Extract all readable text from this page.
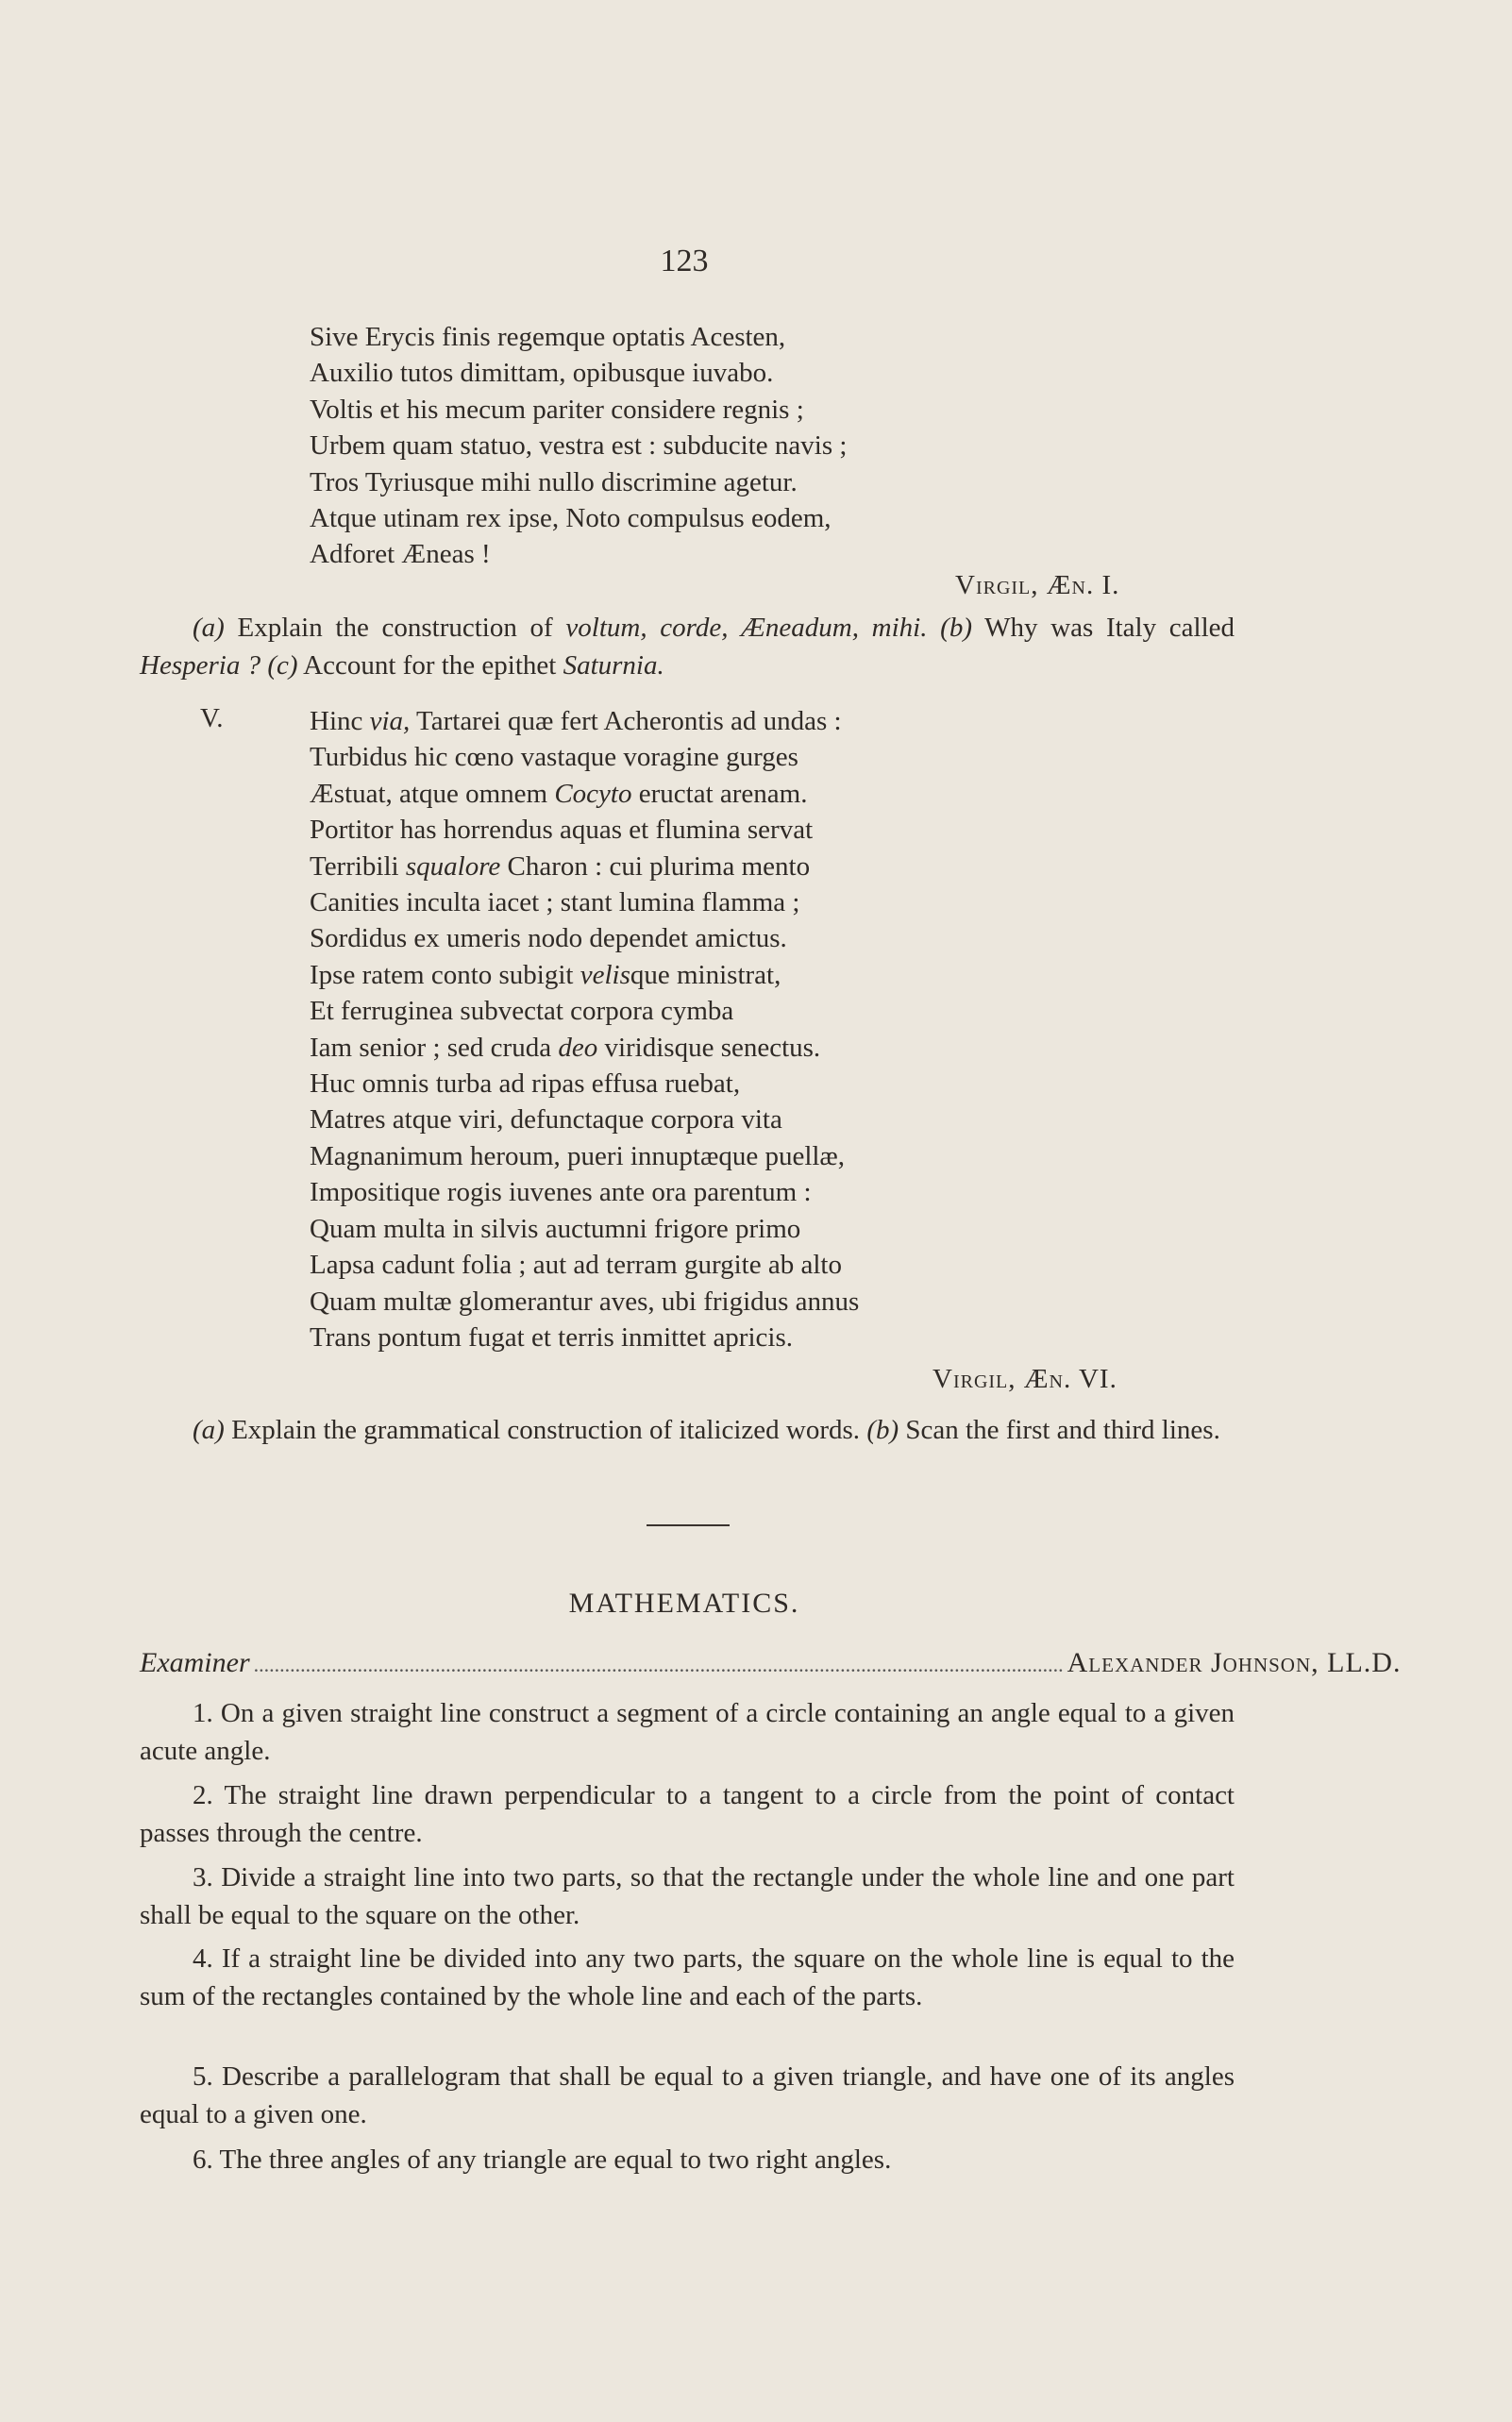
123
Sive Erycis finis regemque optatis Acesten,
Auxilio tutos dimittam, opibusque iuvabo.
Voltis et his mecum pariter considere regnis ;
Urbem quam statuo, vestra est : subducite navis ;
Tros Tyriusque mihi nullo discrimine agetur.
Atque utinam rex ipse, Noto compulsus eodem,
Adforet Æneas !
Virgil, Æn. I.
(a) Explain the construction of voltum, corde, Æneadum, mihi. (b) Why was Italy called Hesperia ? (c) Account for the epithet Saturnia.
V.	Hinc via, Tartarei quæ fert Acherontis ad undas :
Turbidus hic cœno vastaque voragine gurges
Æstuat, atque omnem Cocyto eructat arenam.
Portitor has horrendus aquas et flumina servat
Terribili squalore Charon : cui plurima mento
Canities inculta iacet ; stant lumina flamma ;
Sordidus ex umeris nodo dependet amictus.
Ipse ratem conto subigit velisque ministrat,
Et ferruginea subvectat corpora cymba
Iam senior ; sed cruda deo viridisque senectus.
Huc omnis turba ad ripas effusa ruebat,
Matres atque viri, defunctaque corpora vita
Magnanimum heroum, pueri innuptæque puellæ,
Impositique rogis iuvenes ante ora parentum :
Quam multa in silvis auctumni frigore primo
Lapsa cadunt folia ; aut ad terram gurgite ab alto
Quam multæ glomerantur aves, ubi frigidus annus
Trans pontum fugat et terris inmittet apricis.
Virgil, Æn. VI.
(a) Explain the grammatical construction of italicized words. (b) Scan the first and third lines.
MATHEMATICS.
Examiner ............................................................................................................................................................ Alexander Johnson, LL.D.
1. On a given straight line construct a segment of a circle containing an angle equal to a given acute angle.
2. The straight line drawn perpendicular to a tangent to a circle from the point of contact passes through the centre.
3. Divide a straight line into two parts, so that the rectangle under the whole line and one part shall be equal to the square on the other.
4. If a straight line be divided into any two parts, the square on the whole line is equal to the sum of the rectangles contained by the whole line and each of the parts.
5. Describe a parallelogram that shall be equal to a given triangle, and have one of its angles equal to a given one.
6. The three angles of any triangle are equal to two right angles.
